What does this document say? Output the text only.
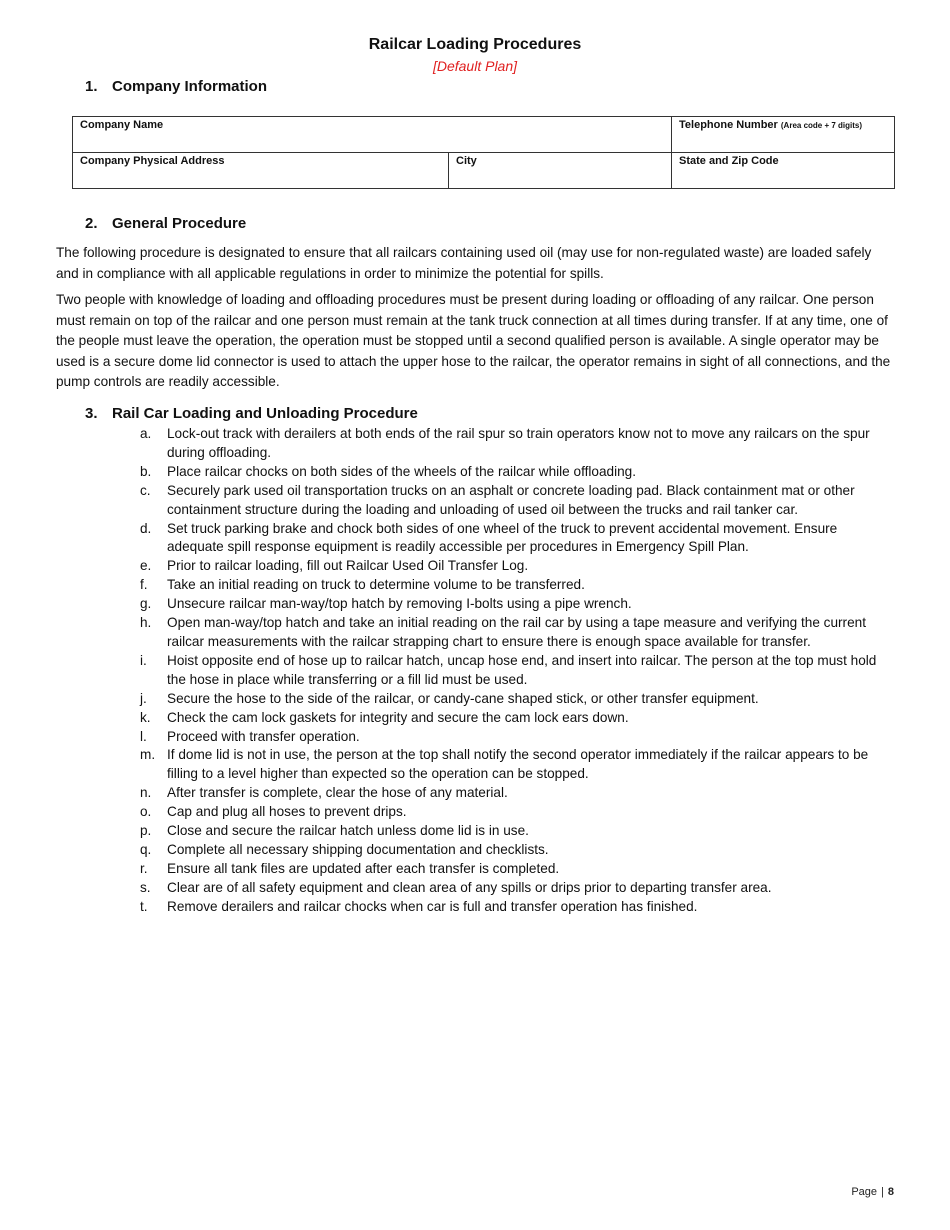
Railcar Loading Procedures
[Default Plan]
1. Company Information
Company Name		Telephone Number (Area code + 7 digits)
Company Physical Address	City	State and Zip Code
2. General Procedure

The following procedure is designated to ensure that all railcars containing used oil (may use for non-regulated waste) are loaded safely and in compliance with all applicable regulations in order to minimize the potential for spills.

Two people with knowledge of loading and offloading procedures must be present during loading or offloading of any railcar. One person must remain on top of the railcar and one person must remain at the tank truck connection at all times during transfer. If at any time, one of the people must leave the operation, the operation must be stopped until a second qualified person is available. A single operator may be used is a secure dome lid connector is used to attach the upper hose to the railcar, the operator remains in sight of all connections, and the pump controls are readily accessible.

3. Rail Car Loading and Unloading Procedure
a.	Lock-out track with derailers at both ends of the rail spur so train operators know not to move any railcars on the spur during offloading.
b.	Place railcar chocks on both sides of the wheels of the railcar while offloading.
c.	Securely park used oil transportation trucks on an asphalt or concrete loading pad. Black containment mat or other containment structure during the loading and unloading of used oil between the trucks and rail tanker car.
d.	Set truck parking brake and chock both sides of one wheel of the truck to prevent accidental movement. Ensure adequate spill response equipment is readily accessible per procedures in Emergency Spill Plan.
e.	Prior to railcar loading, fill out Railcar Used Oil Transfer Log.
f.	Take an initial reading on truck to determine volume to be transferred.
g.	Unsecure railcar man-way/top hatch by removing I-bolts using a pipe wrench.
h.	Open man-way/top hatch and take an initial reading on the rail car by using a tape measure and verifying the current railcar measurements with the railcar strapping chart to ensure there is enough space available for transfer.
i.	Hoist opposite end of hose up to railcar hatch, uncap hose end, and insert into railcar. The person at the top must hold the hose in place while transferring or a fill lid must be used.
j.	Secure the hose to the side of the railcar, or candy-cane shaped stick, or other transfer equipment.
k.	Check the cam lock gaskets for integrity and secure the cam lock ears down.
l.	Proceed with transfer operation.
m. If dome lid is not in use, the person at the top shall notify the second operator immediately if the railcar appears to be filling to a level higher than expected so the operation can be stopped.
n.	After transfer is complete, clear the hose of any material.
o.	Cap and plug all hoses to prevent drips.
p.	Close and secure the railcar hatch unless dome lid is in use.
q.	Complete all necessary shipping documentation and checklists.
r.	Ensure all tank files are updated after each transfer is completed.
s.	Clear are of all safety equipment and clean area of any spills or drips prior to departing transfer area.
t.	Remove derailers and railcar chocks when car is full and transfer operation has finished.
Page | 8
